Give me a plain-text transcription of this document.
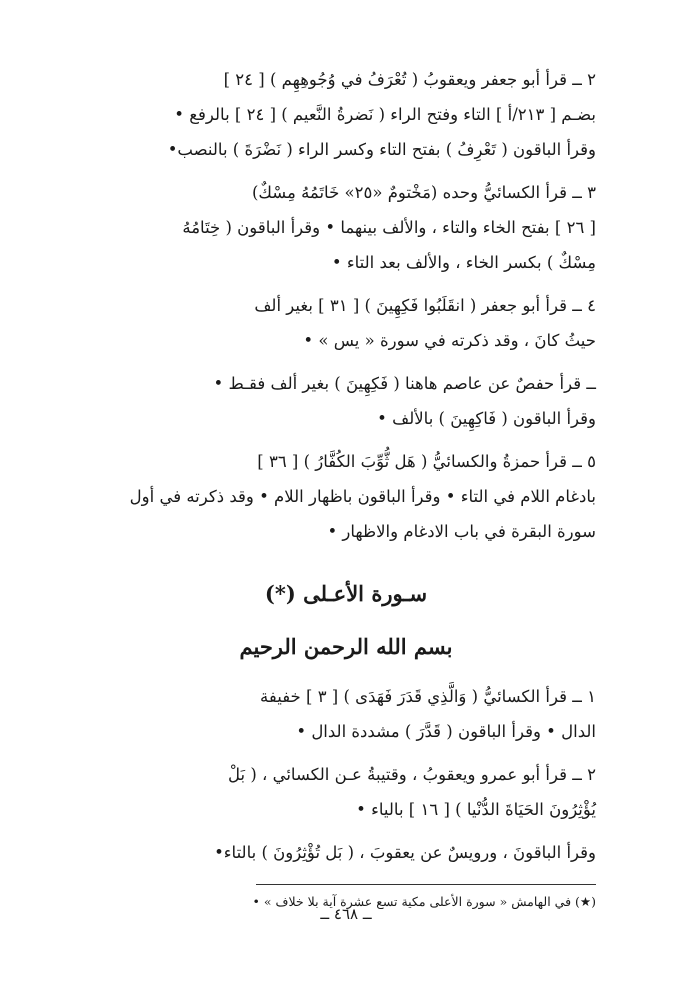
٢ ــ قرأ أبو جعفر ويعقوبُ ( تُعْرَفُ في وُجُوهِهِم ) [ ٢٤ ]
بضـم [ ٢١٣/أ ] التاء وفتح الراء ( نَضرةُ النَّعيم ) [ ٢٤ ] بالرفع •
وقرأ الباقون ( تَعْرِفُ ) بفتح التاء وكسر الراء ( نَضْرَةَ ) بالنصب•
٣ ــ قرأ الكسائيُّ وحده (مَخْتومٌ «٢٥» خَاتَمُهُ مِسْكٌ)
[ ٢٦ ] بفتح الخاء والتاء ، والألف بينهما • وقرأ الباقون ( خِتَامُهُ
مِسْكٌ ) بكسر الخاء ، والألف بعد التاء •
٤ ــ قرأ أبو جعفر ( انقَلَبُوا فَكِهِينَ ) [ ٣١ ] بغير ألف
حيثُ كانَ ، وقد ذكرته في سورة « يس » •
ــ قرأ حفصٌ عن عاصم هاهنا ( فَكِهِينَ ) بغير ألف فقـط •
وقرأ الباقون ( فَاكِهِينَ ) بالألف •
٥ ــ قرأ حمزةُ والكسائيُّ ( هَل ثُّوِّبَ الكُفَّارُ ) [ ٣٦ ]
بادغام اللام في التاء • وقرأ الباقون باظهار اللام • وقد ذكرته في أول
سورة البقرة في باب الادغام والاظهار •
سـورة الأعـلى (*)
بسم الله الرحمن الرحيم
١ ــ قرأ الكسائيُّ ( وَالَّذِي قَدَرَ فَهَدَى ) [ ٣ ] خفيفة
الدال • وقرأ الباقون ( قَدَّرَ ) مشددة الدال •
٢ ــ قرأ أبو عمرو ويعقوبُ ، وقتيبةُ عـن الكسائي ، ( بَلْ
يُؤْثِرُونَ الحَيَاةَ الدُّنْيا ) [ ١٦ ] بالياء •
وقرأ الباقونَ ، ورويسٌ عن يعقوبَ ، ( بَل تُؤْثِرُونَ ) بالتاء•
(★) في الهامش « سورة الأعلى مكية تسع عشرة آية بلا خلاف » •
ــ ٤٦٨ ــ
